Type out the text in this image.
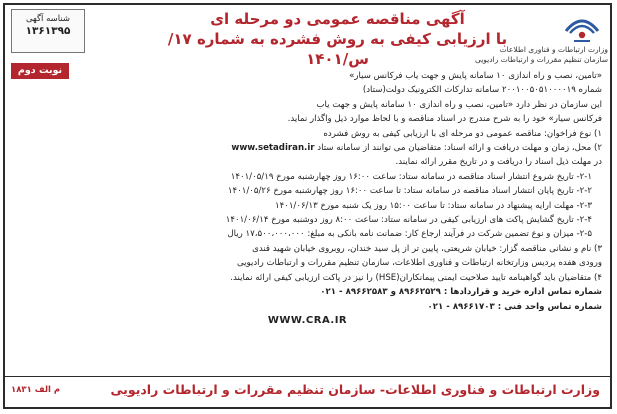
آگهی مناقصه عمومی دو مرحله ای
با ارزیابی کیفی به روش فشرده به شماره ۱۷/س/۱۴۰۱
شناسه آگهی
۱۳۶۱۳۹۵
نوبت دوم
وزارت ارتباطات و فناوری اطلاعات
سازمان تنظیم مقررات و ارتباطات رادیویی

«تامین، نصب و راه اندازی ۱۰ سامانه پایش و جهت یاب فرکانس سیار»

شماره ۲۰۰۱۰۰۵۰۵۱۰۰۰۰۱۹ سامانه تدارکات الکترونیک دولت(ستاد)

این سازمان در نظر دارد «تامین، نصب و راه اندازی ۱۰ سامانه پایش و جهت یاب

فرکانس سیار» خود را به شرح مندرج در اسناد مناقصه و با لحاظ موارد ذیل واگذار نماید.

۱) نوع فراخوان: مناقصه عمومی دو مرحله ای با ارزیابی کیفی به روش فشرده

۲) محل، زمان و مهلت دریافت و ارائه اسناد: متقاضیان می توانند از سامانه ستاد www.setadiran.ir

در مهلت ذیل اسناد را دریافت و در تاریخ مقرر ارائه نمایند.

۲-۱- تاریخ شروع انتشار اسناد مناقصه در سامانه ستاد: ساعت ۱۶:۰۰ روز چهارشنبه مورخ ۱۴۰۱/۰۵/۱۹

۲-۲- تاریخ پایان انتشار اسناد مناقصه در سامانه ستاد: تا ساعت ۱۶:۰۰ روز چهارشنبه مورخ ۱۴۰۱/۰۵/۲۶

۲-۳- مهلت ارایه پیشنهاد در سامانه ستاد: تا ساعت ۱۵:۰۰ روز یک شنبه مورخ ۱۴۰۱/۰۶/۱۳

۲-۴- تاریخ گشایش پاکت های ارزیابی کیفی در سامانه ستاد: ساعت ۸:۰۰ روز دوشنبه مورخ ۱۴۰۱/۰۶/۱۴

۲-۵- میزان و نوع تضمین شرکت در فرآیند ارجاع کار: ضمانت نامه بانکی به مبلغ: ۱۷،۵۰۰،۰۰۰،۰۰۰ ریال

۳) نام و نشانی مناقصه گزار: خیابان شریعتی، پایین تر از پل سید خندان، روبروی خیابان شهید قندی

ورودی هفده پردیس وزارتخانه ارتباطات و فناوری اطلاعات، سازمان تنظیم مقررات و ارتباطات رادیویی

۴) متقاضیان باید گواهینامه تایید صلاحیت ایمنی پیمانکاران(HSE) را نیز در پاکت ارزیابی کیفی ارائه نمایند.

شماره تماس اداره خرید و قراردادها : ۸۹۶۶۲۵۲۹ و ۸۹۶۶۲۵۸۳ - ۰۲۱

شماره تماس واحد فنی : ۸۹۶۶۱۷۰۳ - ۰۲۱

WWW.CRA.IR

وزارت ارتباطات و فناوری اطلاعات- سازمان تنظیم مقررات و ارتباطات رادیویی
م الف ۱۸۳۱
